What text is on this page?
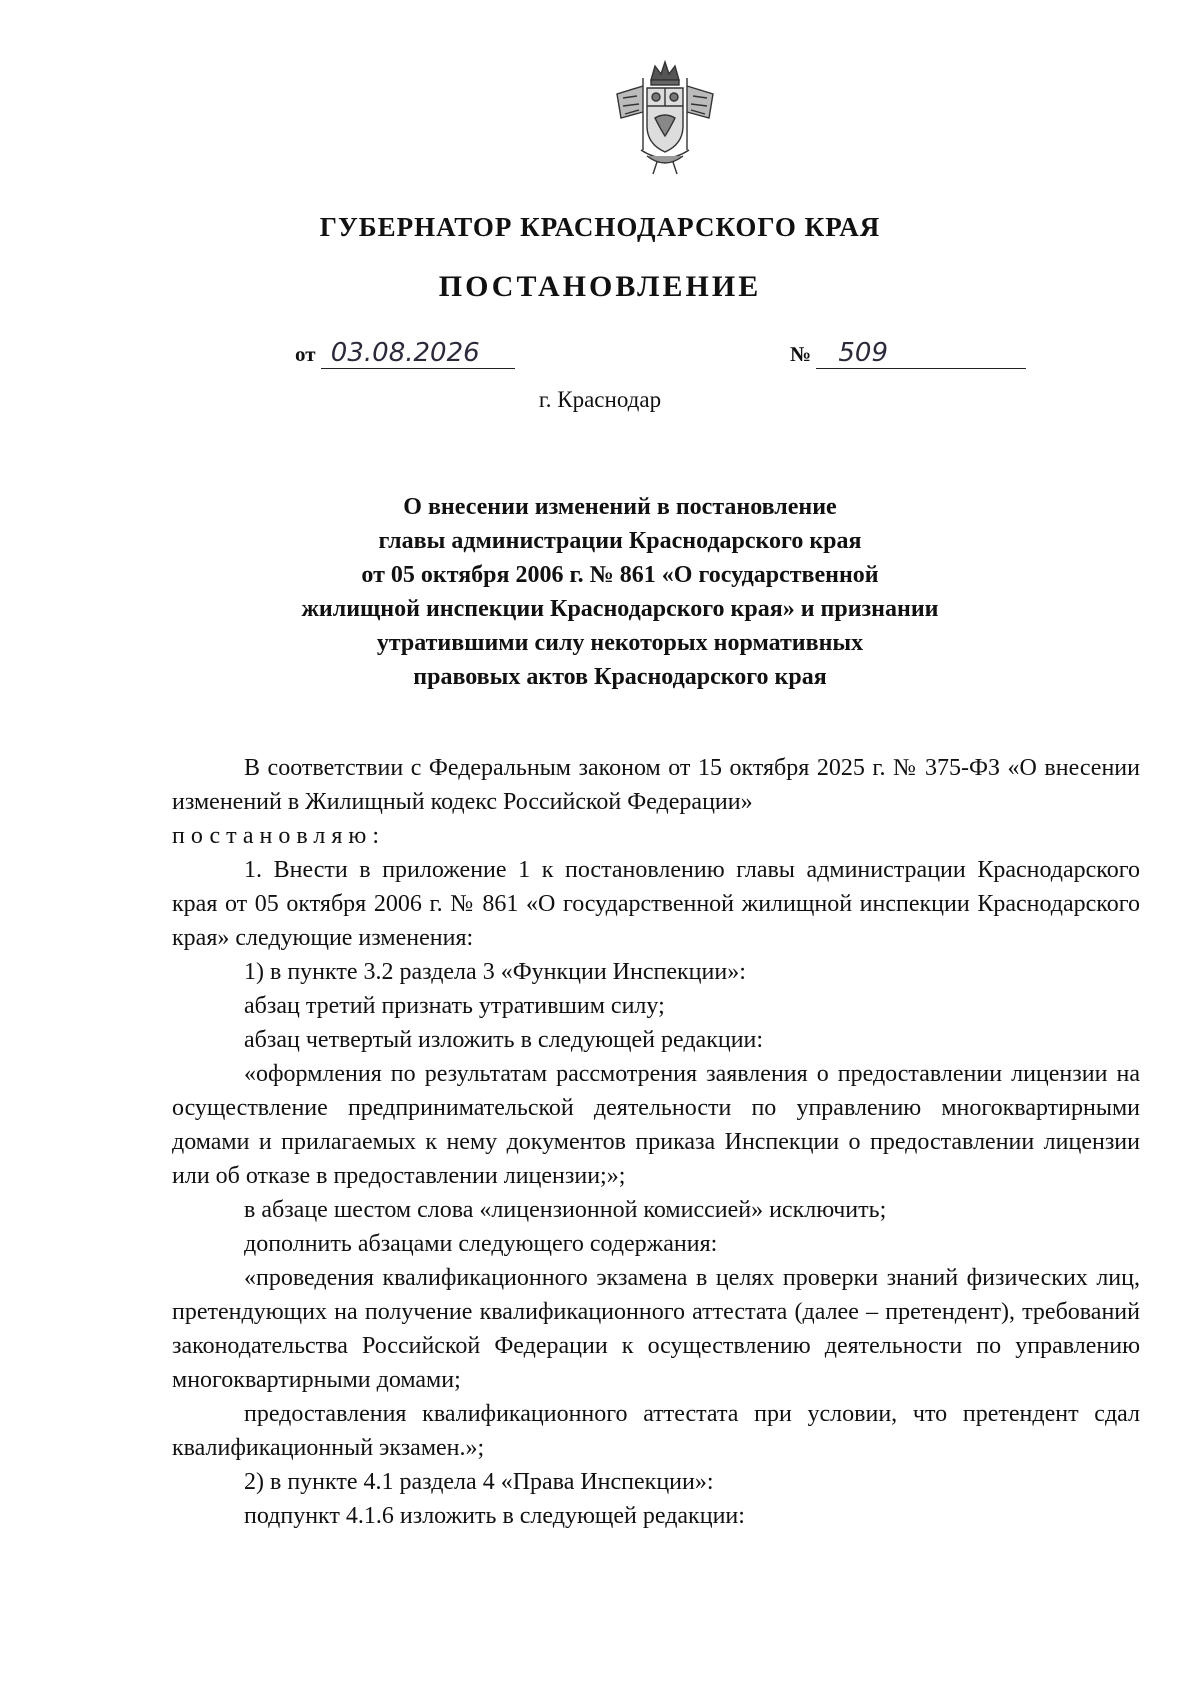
ГУБЕРНАТОР КРАСНОДАРСКОГО КРАЯ
ПОСТАНОВЛЕНИЕ
от 03.08.2026	№ 509
г. Краснодар
О внесении изменений в постановление
главы администрации Краснодарского края
от 05 октября 2006 г. № 861 «О государственной
жилищной инспекции Краснодарского края» и признании
утратившими силу некоторых нормативных
правовых актов Краснодарского края

В соответствии с Федеральным законом от 15 октября 2025 г. № 375-ФЗ «О внесении изменений в Жилищный кодекс Российской Федерации»

постановляю:

1. Внести в приложение 1 к постановлению главы администрации Краснодарского края от 05 октября 2006 г. № 861 «О государственной жилищной инспекции Краснодарского края» следующие изменения:

1) в пункте 3.2 раздела 3 «Функции Инспекции»:

абзац третий признать утратившим силу;

абзац четвертый изложить в следующей редакции:

«оформления по результатам рассмотрения заявления о предоставлении лицензии на осуществление предпринимательской деятельности по управлению многоквартирными домами и прилагаемых к нему документов приказа Инспекции о предоставлении лицензии или об отказе в предоставлении лицензии;»;

в абзаце шестом слова «лицензионной комиссией» исключить;

дополнить абзацами следующего содержания:

«проведения квалификационного экзамена в целях проверки знаний физических лиц, претендующих на получение квалификационного аттестата (далее – претендент), требований законодательства Российской Федерации к осуществлению деятельности по управлению многоквартирными домами;

предоставления квалификационного аттестата при условии, что претендент сдал квалификационный экзамен.»;

2) в пункте 4.1 раздела 4 «Права Инспекции»:

подпункт 4.1.6 изложить в следующей редакции:
